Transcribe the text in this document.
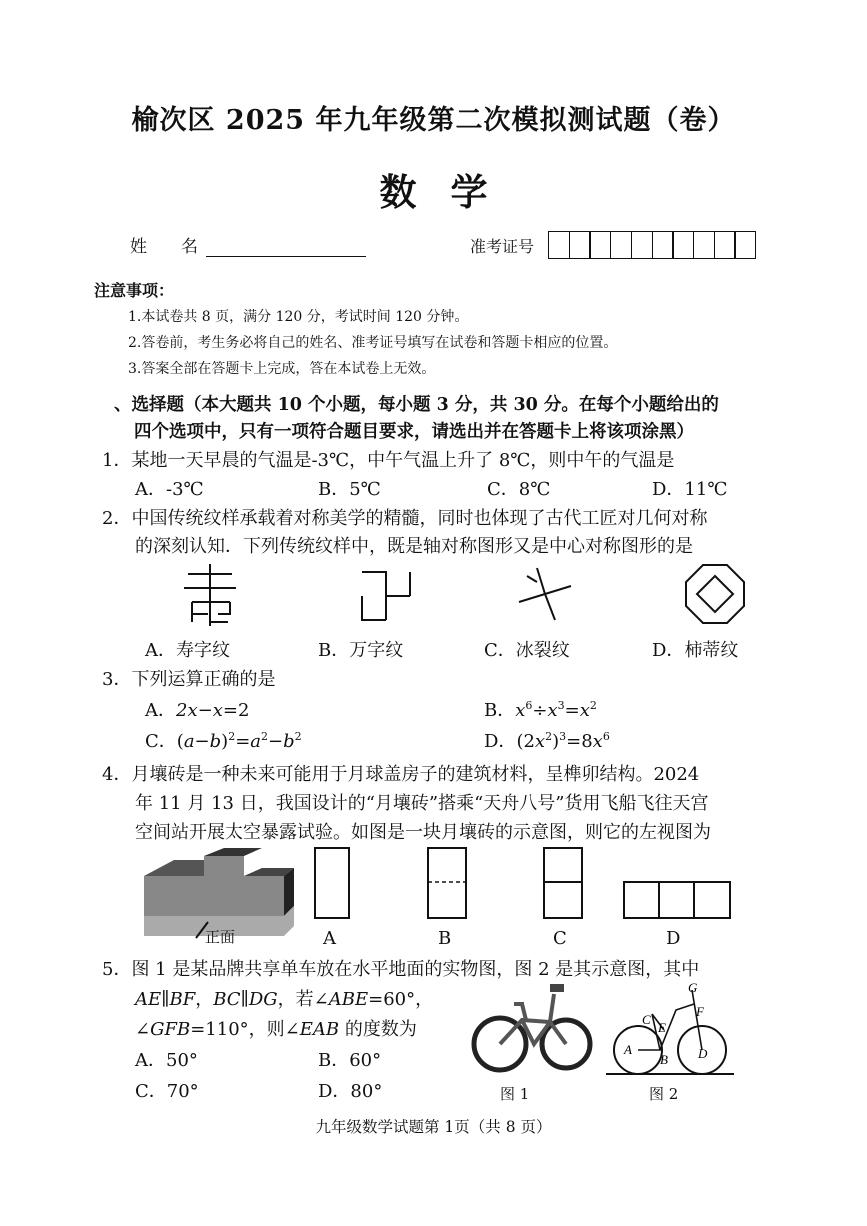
榆次区 2025 年九年级第二次模拟测试题（卷）
数学
姓　　名	准考证号
注意事项：
1.本试卷共 8 页，满分 120 分，考试时间 120 分钟。
2.答卷前，考生务必将自己的姓名、准考证号填写在试卷和答题卡相应的位置。
3.答案全部在答题卡上完成，答在本试卷上无效。
、选择题（本大题共 10 个小题，每小题 3 分，共 30 分。在每个小题给出的
四个选项中，只有一项符合题目要求，请选出并在答题卡上将该项涂黑）
1．某地一天早晨的气温是-3℃，中午气温上升了 8℃，则中午的气温是
A．-3℃	B．5℃	C．8℃	D．11℃
2．中国传统纹样承载着对称美学的精髓，同时也体现了古代工匠对几何对称
的深刻认知．下列传统纹样中，既是轴对称图形又是中心对称图形的是
A．寿字纹	B．万字纹	C．冰裂纹	D．柿蒂纹
3．下列运算正确的是
A．2x−x=2	B．$x^6\div x^3=x^2$
C．$(a-b)^2=a^2-b^2$	D．$(2x^2)^3=8x^6$
4．月壤砖是一种未来可能用于月球盖房子的建筑材料，呈榫卯结构。2024
年 11 月 13 日，我国设计的“月壤砖”搭乘“天舟八号”货用飞船飞往天宫
空间站开展太空暴露试验。如图是一块月壤砖的示意图，则它的左视图为
正面	A	B	C	D
5．图 1 是某品牌共享单车放在水平地面的实物图，图 2 是其示意图，其中
AE∥BF，BC∥DG，若∠ABE=60°，
∠GFB=110°，则∠EAB 的度数为
A．50°	B．60°
C．70°	D．80°	图 1
A
B
C
E
D
F
G
图 2
九年级数学试题第 1页（共 8 页）
